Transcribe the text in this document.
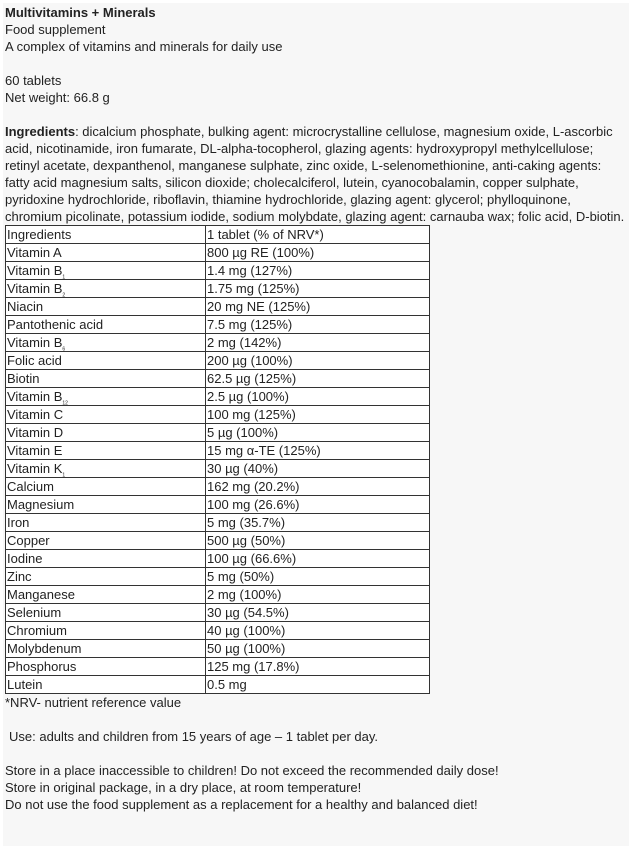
Multivitamins + Minerals
Food supplement
A complex of vitamins and minerals for daily use
60 tablets
Net weight: 66.8 g
Ingredients: dicalcium phosphate, bulking agent: microcrystalline cellulose, magnesium oxide, L-ascorbic acid, nicotinamide, iron fumarate, DL-alpha-tocopherol, glazing agents: hydroxypropyl methylcellulose; retinyl acetate, dexpanthenol, manganese sulphate, zinc oxide, L-selenomethionine, anti-caking agents: fatty acid magnesium salts, silicon dioxide; cholecalciferol, lutein, cyanocobalamin, copper sulphate, pyridoxine hydrochloride, riboflavin, thiamine hydrochloride, glazing agent: glycerol; phylloquinone, chromium picolinate, potassium iodide, sodium molybdate, glazing agent: carnauba wax; folic acid, D-biotin.
Ingredients	1 tablet (% of NRV*)
Vitamin A	800 µg RE (100%)
Vitamin $B_1$	1.4 mg (127%)
Vitamin $B_2$	1.75 mg (125%)
Niacin	20 mg NE (125%)
Pantothenic acid	7.5 mg (125%)
Vitamin $B_6$	2 mg (142%)
Folic acid	200 µg (100%)
Biotin	62.5 µg (125%)
Vitamin $B_{12}$	2.5 µg (100%)
Vitamin C	100 mg (125%)
Vitamin D	5 µg (100%)
Vitamin E	15 mg α-TE (125%)
Vitamin $K_1$	30 µg (40%)
Calcium	162 mg (20.2%)
Magnesium	100 mg (26.6%)
Iron	5 mg (35.7%)
Copper	500 µg (50%)
Iodine	100 µg (66.6%)
Zinc	5 mg (50%)
Manganese	2 mg (100%)
Selenium	30 µg (54.5%)
Chromium	40 µg (100%)
Molybdenum	50 µg (100%)
Phosphorus	125 mg (17.8%)
Lutein	0.5 mg
*NRV- nutrient reference value
Use: adults and children from 15 years of age – 1 tablet per day.
Store in a place inaccessible to children! Do not exceed the recommended daily dose!
Store in original package, in a dry place, at room temperature!
Do not use the food supplement as a replacement for a healthy and balanced diet!
